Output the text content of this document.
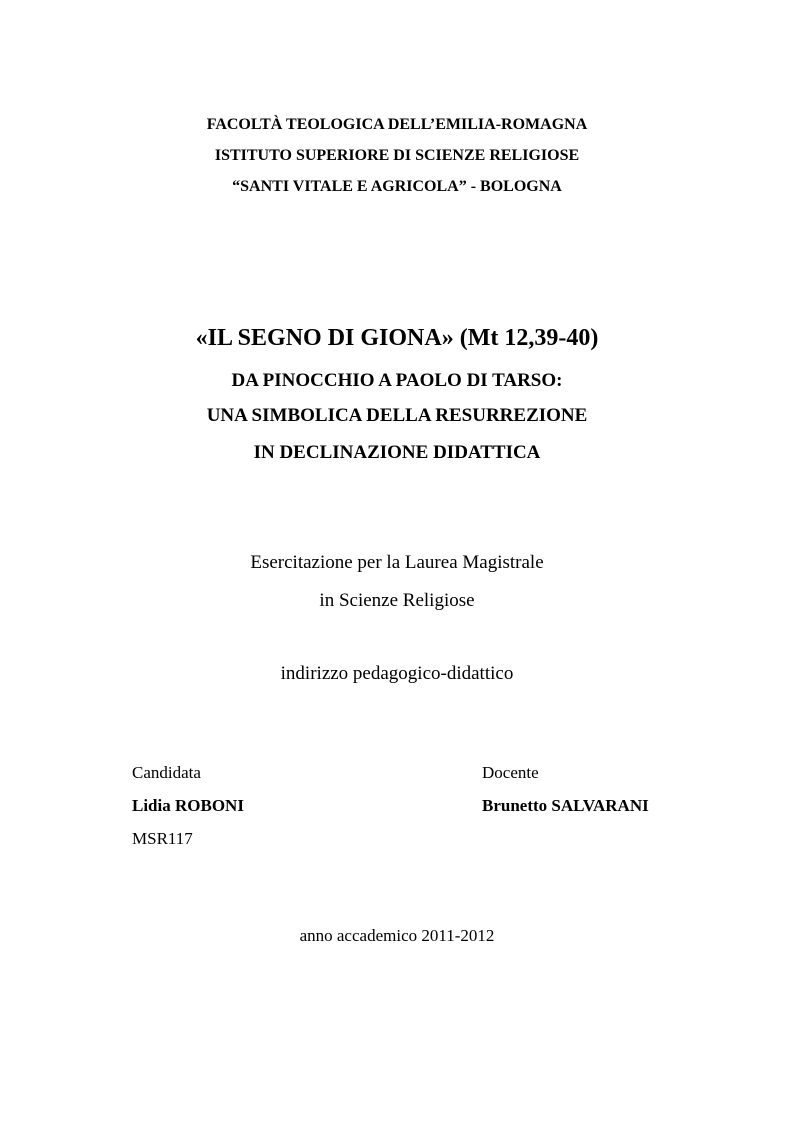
FACOLTÀ TEOLOGICA DELL’EMILIA-ROMAGNA
ISTITUTO SUPERIORE DI SCIENZE RELIGIOSE
“SANTI VITALE E AGRICOLA” - BOLOGNA
«IL SEGNO DI GIONA» (Mt 12,39-40)
DA PINOCCHIO A PAOLO DI TARSO:
UNA SIMBOLICA DELLA RESURREZIONE
IN DECLINAZIONE DIDATTICA
Esercitazione per la Laurea Magistrale
in Scienze Religiose
indirizzo pedagogico-didattico
Candidata
Lidia ROBONI
MSR117
Docente
Brunetto SALVARANI
anno accademico 2011-2012
